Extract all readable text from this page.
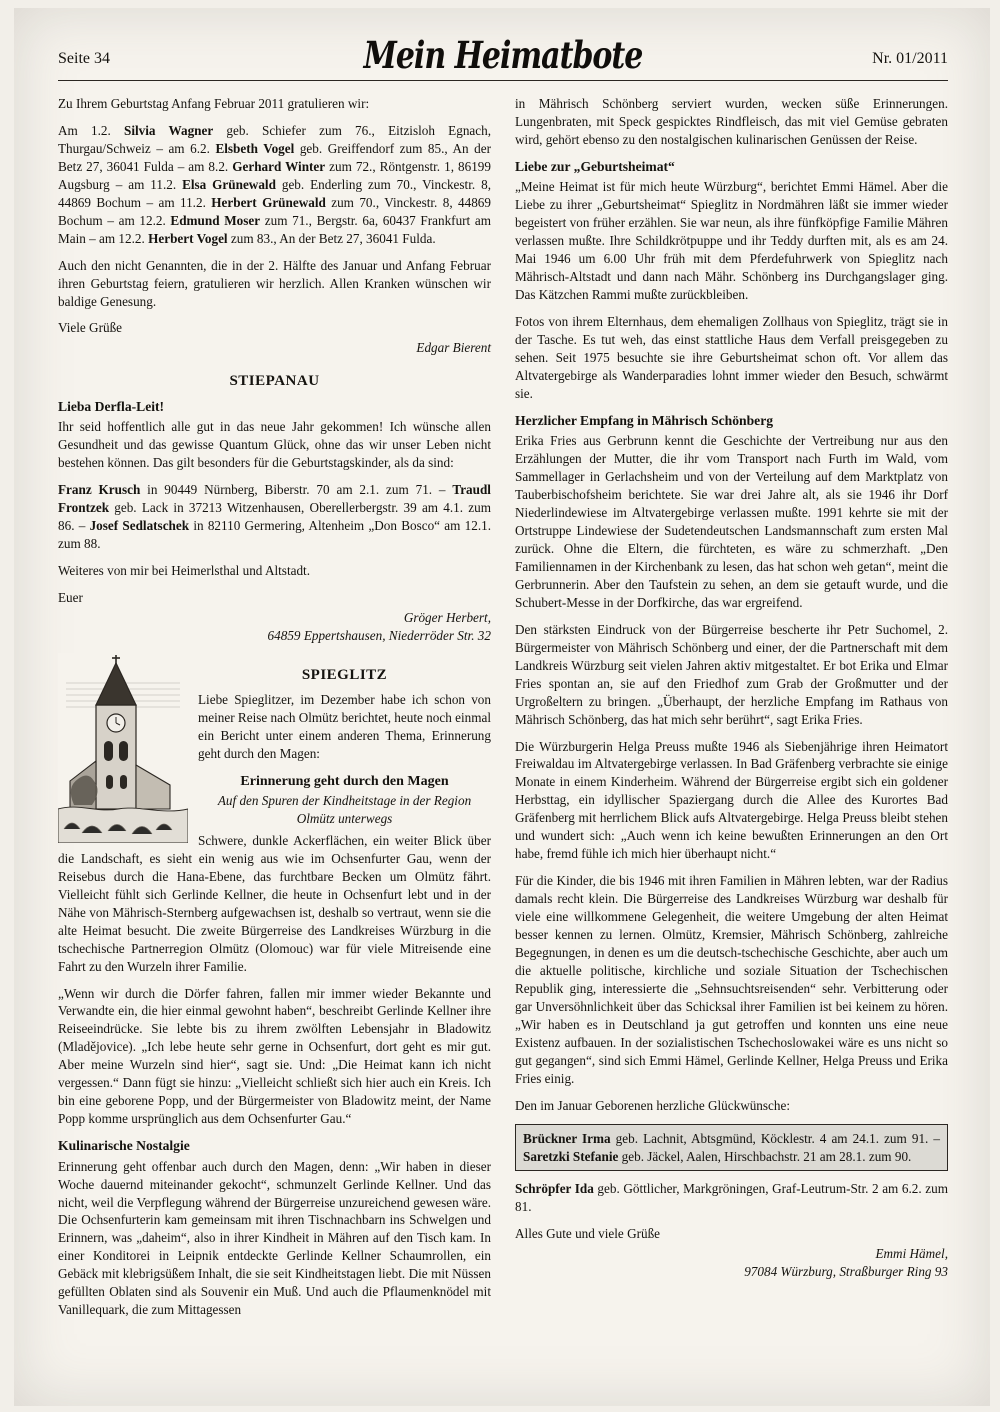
Seite 34	Mein Heimatbote	Nr. 01/2011

Zu Ihrem Geburtstag Anfang Februar 2011 gratulieren wir:

Am 1.2. Silvia Wagner geb. Schiefer zum 76., Eitzisloh Egnach, Thurgau/Schweiz – am 6.2. Elsbeth Vogel geb. Greiffendorf zum 85., An der Betz 27, 36041 Fulda – am 8.2. Gerhard Winter zum 72., Röntgenstr. 1, 86199 Augsburg – am 11.2. Elsa Grünewald geb. Enderling zum 70., Vinckestr. 8, 44869 Bochum – am 11.2. Herbert Grünewald zum 70., Vinckestr. 8, 44869 Bochum – am 12.2. Edmund Moser zum 71., Bergstr. 6a, 60437 Frankfurt am Main – am 12.2. Herbert Vogel zum 83., An der Betz 27, 36041 Fulda.

Auch den nicht Genannten, die in der 2. Hälfte des Januar und Anfang Februar ihren Geburtstag feiern, gratulieren wir herzlich. Allen Kranken wünschen wir baldige Genesung.

Viele Grüße

Edgar Bierent

STIEPANAU

Lieba Derfla-Leit!

Ihr seid hoffentlich alle gut in das neue Jahr gekommen! Ich wünsche allen Gesundheit und das gewisse Quantum Glück, ohne das wir unser Leben nicht bestehen können. Das gilt besonders für die Geburtstagskinder, als da sind:

Franz Krusch in 90449 Nürnberg, Biberstr. 70 am 2.1. zum 71. – Traudl Frontzek geb. Lack in 37213 Witzenhausen, Oberellerbergstr. 39 am 4.1. zum 86. – Josef Sedlatschek in 82110 Germering, Altenheim „Don Bosco“ am 12.1. zum 88.

Weiteres von mir bei Heimerlsthal und Altstadt.

Euer

Gröger Herbert,

64859 Eppertshausen, Niederröder Str. 32

SPIEGLITZ

Liebe Spieglitzer, im Dezember habe ich schon von meiner Reise nach Olmütz berichtet, heute noch einmal ein Bericht unter einem anderen Thema, Erinnerung geht durch den Magen:

Erinnerung geht durch den Magen
Auf den Spuren der Kindheitstage in der Region Olmütz unterwegs

Schwere, dunkle Ackerflächen, ein weiter Blick über die Landschaft, es sieht ein wenig aus wie im Ochsenfurter Gau, wenn der Reisebus durch die Hana-Ebene, das furchtbare Becken um Olmütz fährt. Vielleicht fühlt sich Gerlinde Kellner, die heute in Ochsenfurt lebt und in der Nähe von Mährisch-Sternberg aufgewachsen ist, deshalb so vertraut, wenn sie die alte Heimat besucht. Die zweite Bürgerreise des Landkreises Würzburg in die tschechische Partnerregion Olmütz (Olomouc) war für viele Mitreisende eine Fahrt zu den Wurzeln ihrer Familie.

„Wenn wir durch die Dörfer fahren, fallen mir immer wieder Bekannte und Verwandte ein, die hier einmal gewohnt haben“, beschreibt Gerlinde Kellner ihre Reiseeindrücke. Sie lebte bis zu ihrem zwölften Lebensjahr in Bladowitz (Mladějovice). „Ich lebe heute sehr gerne in Ochsenfurt, dort geht es mir gut. Aber meine Wurzeln sind hier“, sagt sie. Und: „Die Heimat kann ich nicht vergessen.“ Dann fügt sie hinzu: „Vielleicht schließt sich hier auch ein Kreis. Ich bin eine geborene Popp, und der Bürgermeister von Bladowitz meint, der Name Popp komme ursprünglich aus dem Ochsenfurter Gau.“

Kulinarische Nostalgie

Erinnerung geht offenbar auch durch den Magen, denn: „Wir haben in dieser Woche dauernd miteinander gekocht“, schmunzelt Gerlinde Kellner. Und das nicht, weil die Verpflegung während der Bürgerreise unzureichend gewesen wäre. Die Ochsenfurterin kam gemeinsam mit ihren Tischnachbarn ins Schwelgen und Erinnern, was „daheim“, also in ihrer Kindheit in Mähren auf den Tisch kam. In einer Konditorei in Leipnik entdeckte Gerlinde Kellner Schaumrollen, ein Gebäck mit klebrigsüßem Inhalt, die sie seit Kindheitstagen liebt. Die mit Nüssen gefüllten Oblaten sind als Souvenir ein Muß. Und auch die Pflaumenknödel mit Vanillequark, die zum Mittagessen

in Mährisch Schönberg serviert wurden, wecken süße Erinnerungen. Lungenbraten, mit Speck gespicktes Rindfleisch, das mit viel Gemüse gebraten wird, gehört ebenso zu den nostalgischen kulinarischen Genüssen der Reise.

Liebe zur „Geburtsheimat“

„Meine Heimat ist für mich heute Würzburg“, berichtet Emmi Hämel. Aber die Liebe zu ihrer „Geburtsheimat“ Spieglitz in Nordmähren läßt sie immer wieder begeistert von früher erzählen. Sie war neun, als ihre fünfköpfige Familie Mähren verlassen mußte. Ihre Schildkrötpuppe und ihr Teddy durften mit, als es am 24. Mai 1946 um 6.00 Uhr früh mit dem Pferdefuhrwerk von Spieglitz nach Mährisch-Altstadt und dann nach Mähr. Schönberg ins Durchgangslager ging. Das Kätzchen Rammi mußte zurückbleiben.

Fotos von ihrem Elternhaus, dem ehemaligen Zollhaus von Spieglitz, trägt sie in der Tasche. Es tut weh, das einst stattliche Haus dem Verfall preisgegeben zu sehen. Seit 1975 besuchte sie ihre Geburtsheimat schon oft. Vor allem das Altvatergebirge als Wanderparadies lohnt immer wieder den Besuch, schwärmt sie.

Herzlicher Empfang in Mährisch Schönberg

Erika Fries aus Gerbrunn kennt die Geschichte der Vertreibung nur aus den Erzählungen der Mutter, die ihr vom Transport nach Furth im Wald, vom Sammellager in Gerlachsheim und von der Verteilung auf dem Marktplatz von Tauberbischofsheim berichtete. Sie war drei Jahre alt, als sie 1946 ihr Dorf Niederlindewiese im Altvatergebirge verlassen mußte. 1991 kehrte sie mit der Ortstruppe Lindewiese der Sudetendeutschen Landsmannschaft zum ersten Mal zurück. Ohne die Eltern, die fürchteten, es wäre zu schmerzhaft. „Den Familiennamen in der Kirchenbank zu lesen, das hat schon weh getan“, meint die Gerbrunnerin. Aber den Taufstein zu sehen, an dem sie getauft wurde, und die Schubert-Messe in der Dorfkirche, das war ergreifend.

Den stärksten Eindruck von der Bürgerreise bescherte ihr Petr Suchomel, 2. Bürgermeister von Mährisch Schönberg und einer, der die Partnerschaft mit dem Landkreis Würzburg seit vielen Jahren aktiv mitgestaltet. Er bot Erika und Elmar Fries spontan an, sie auf den Friedhof zum Grab der Großmutter und der Urgroßeltern zu bringen. „Überhaupt, der herzliche Empfang im Rathaus von Mährisch Schönberg, das hat mich sehr berührt“, sagt Erika Fries.

Die Würzburgerin Helga Preuss mußte 1946 als Siebenjährige ihren Heimatort Freiwaldau im Altvatergebirge verlassen. In Bad Gräfenberg verbrachte sie einige Monate in einem Kinderheim. Während der Bürgerreise ergibt sich ein goldener Herbsttag, ein idyllischer Spaziergang durch die Allee des Kurortes Bad Gräfenberg mit herrlichem Blick aufs Altvatergebirge. Helga Preuss bleibt stehen und wundert sich: „Auch wenn ich keine bewußten Erinnerungen an den Ort habe, fremd fühle ich mich hier überhaupt nicht.“

Für die Kinder, die bis 1946 mit ihren Familien in Mähren lebten, war der Radius damals recht klein. Die Bürgerreise des Landkreises Würzburg war deshalb für viele eine willkommene Gelegenheit, die weitere Umgebung der alten Heimat besser kennen zu lernen. Olmütz, Kremsier, Mährisch Schönberg, zahlreiche Begegnungen, in denen es um die deutsch-tschechische Geschichte, aber auch um die aktuelle politische, kirchliche und soziale Situation der Tschechischen Republik ging, interessierte die „Sehnsuchtsreisenden“ sehr. Verbitterung oder gar Unversöhnlichkeit über das Schicksal ihrer Familien ist bei keinem zu hören. „Wir haben es in Deutschland ja gut getroffen und konnten uns eine neue Existenz aufbauen. In der sozialistischen Tschechoslowakei wäre es uns nicht so gut gegangen“, sind sich Emmi Hämel, Gerlinde Kellner, Helga Preuss und Erika Fries einig.

Den im Januar Geborenen herzliche Glückwünsche:

Brückner Irma geb. Lachnit, Abtsgmünd, Köcklestr. 4 am 24.1. zum 91. – Saretzki Stefanie geb. Jäckel, Aalen, Hirschbachstr. 21 am 28.1. zum 90.

Schröpfer Ida geb. Göttlicher, Markgröningen, Graf-Leutrum-Str. 2 am 6.2. zum 81.

Alles Gute und viele Grüße

Emmi Hämel,

97084 Würzburg, Straßburger Ring 93
